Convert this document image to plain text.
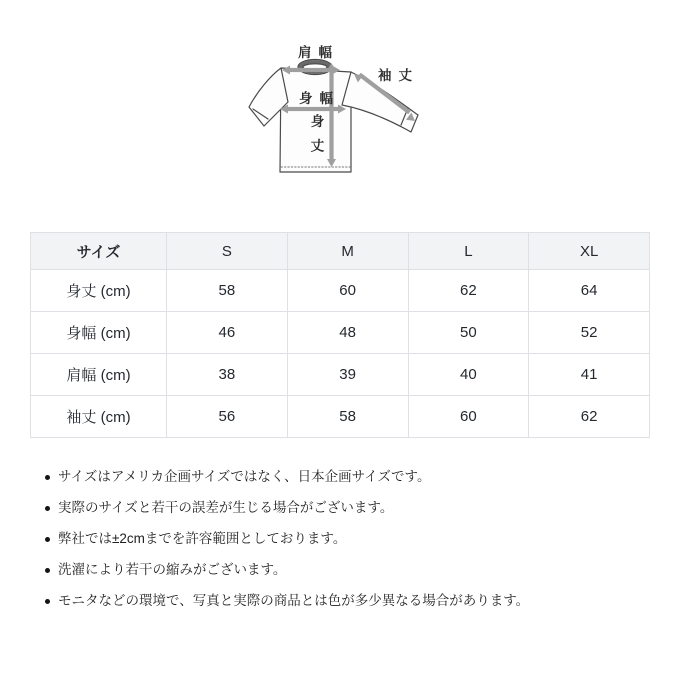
肩幅
袖丈
身幅
身丈
サイズ	S	M	L	XL
身丈 (cm)	58	60	62	64
身幅 (cm)	46	48	50	52
肩幅 (cm)	38	39	40	41
袖丈 (cm)	56	58	60	62
サイズはアメリカ企画サイズではなく、日本企画サイズです。
実際のサイズと若干の誤差が生じる場合がございます。
弊社では±2cmまでを許容範囲としております。
洗濯により若干の縮みがございます。
モニタなどの環境で、写真と実際の商品とは色が多少異なる場合があります。
